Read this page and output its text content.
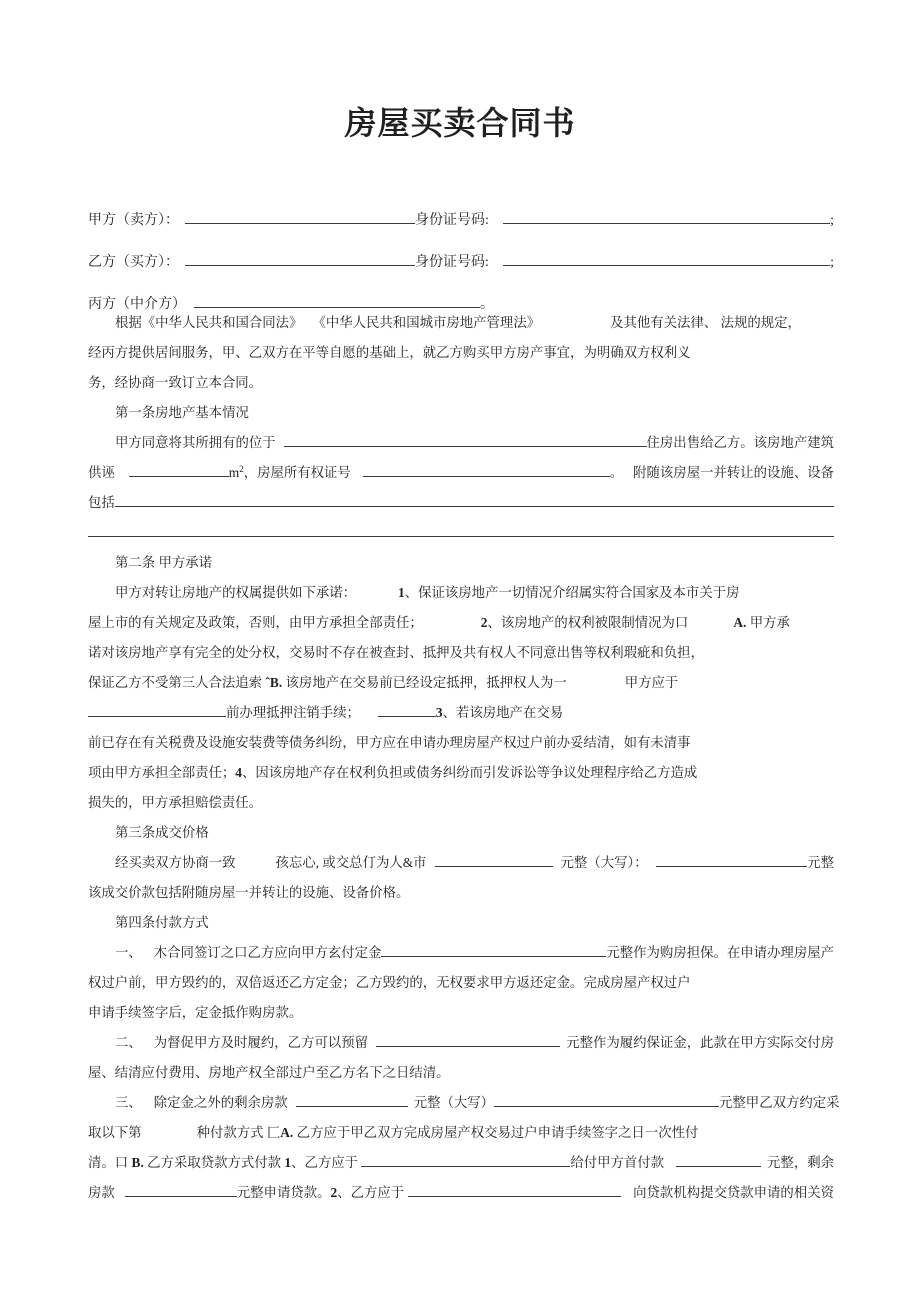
房屋买卖合同书
甲方（卖方）：	身份证号码:	;
乙方（买方）：	身份证号码:	;
丙方（中介方）	。
根据《中华人民共和国合同法》 《中华人民共和国城市房地产管理法》	及其他有关法律、 法规的规定，
经丙方提供居间服务，甲、乙双方在平等自愿的基础上，就乙方购买甲方房产事宜，为明确双方权利义
务，经协商一致订立本合同。
第一条房地产基本情况
甲方同意将其所拥有的位于	住房出售给乙方。该房地产建筑
供诬	m 2 ，房屋所有权证号	。 附随该房屋一并转让的设施、设备
包括
第二条 甲方承诺
甲方对转让房地产的权属提供如下承诺：	1 、保证该房地产一切情况介绍属实符合国家及本市关于房
屋上市的有关规定及政策，否则，由甲方承担全部责任；	2 、该房地产的权利被限制情况为口	A. 甲方承
诺对该房地产享有完全的处分权，交易时不存在被查封、抵押及共有权人不同意出售等权利瑕疵和负担，
保证乙方不受第三人合法追索 ˆB. 该房地产在交易前已经设定抵押，抵押权人为一	甲方应于
前办理抵押注销手续；	3 、若该房地产在交易
前已存在有关税费及设施安装费等债务纠纷，甲方应在申请办理房屋产权过户前办妥结清，如有未清事
项由甲方承担全部责任； 4 、因该房地产存在权利负担或债务纠纷而引发诉讼等争议处理程序给乙方造成
损失的，甲方承担赔偿责任。
第三条成交价格
经买卖双方协商一致	孩忘心, 或交总仃为人&市	元整（大写）：	元整
该成交价款包括附随房屋一并转让的设施、设备价格。
第四条付款方式
一、 木合同签订之口乙方应向甲方玄付定金	元整作为购房担保。在申请办理房屋产
权过户前，甲方毁约的，双倍返还乙方定金；乙方毁约的，无权要求甲方返还定金。完成房屋产权过户
申请手续签字后，定金抵作购房款。
二、 为督促甲方及时履约，乙方可以预留	元整作为履约保证金，此款在甲方实际交付房
屋、结清应付费用、房地产权全部过户至乙方名下之日结清。
三、 除定金之外的剩余房款	元整（大写）	元整甲乙双方约定采
取以下第	种付款方式 匚 A. 乙方应于甲乙双方完成房屋产权交易过户申请手续签字之日一次性付
清。口 B. 乙方采取贷款方式付款 1 、乙方应于	给付甲方首付款	元整，剩余
房款	元整申请贷款。 2 、乙方应于	向贷款机构提交贷款申请的相关资
